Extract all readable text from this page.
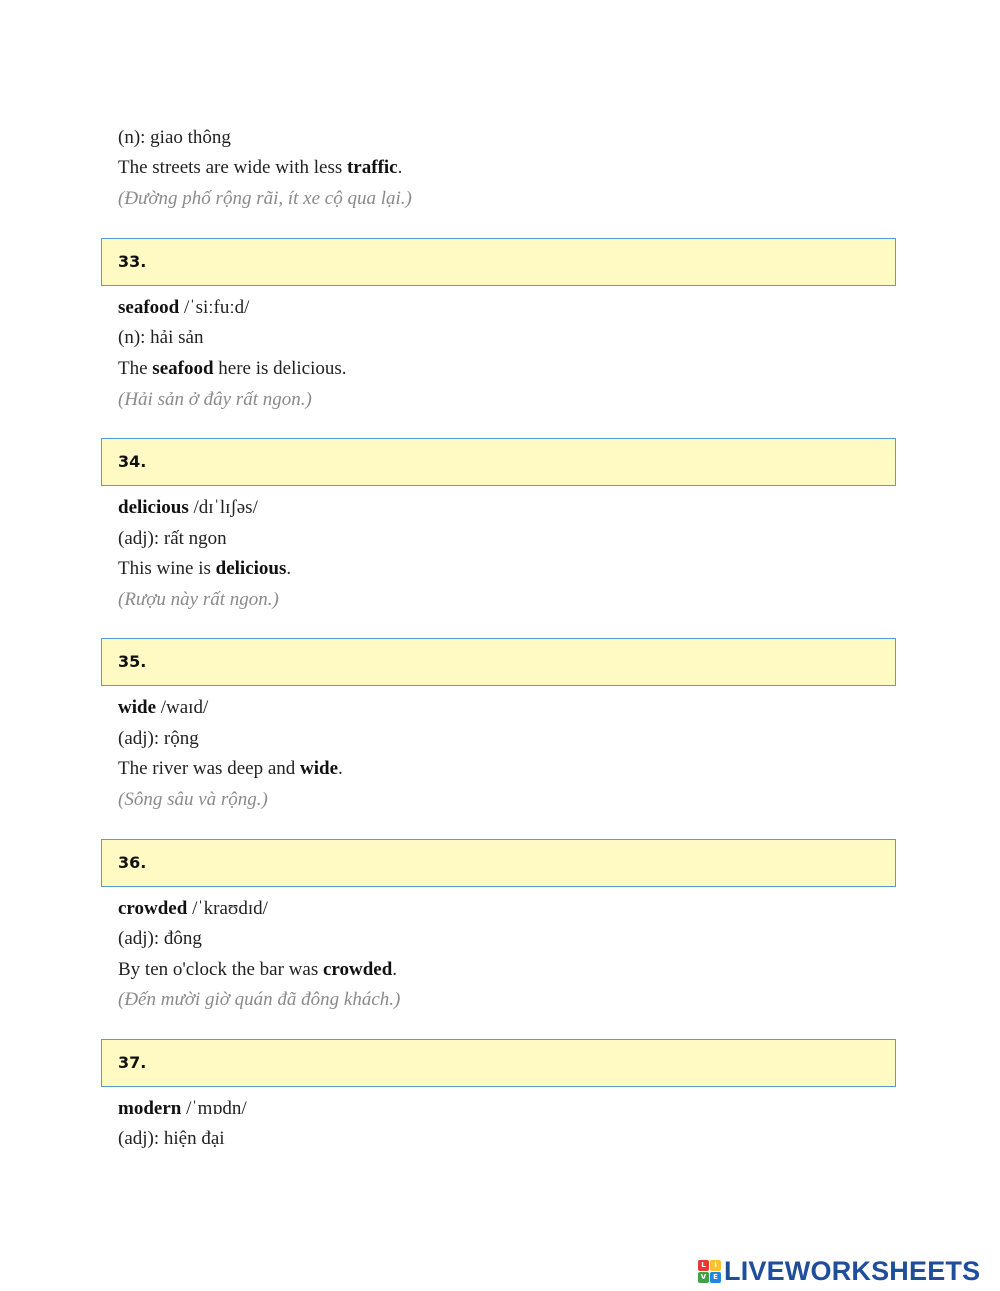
(n): giao thông
The streets are wide with less traffic.
(Đường phố rộng rãi, ít xe cộ qua lại.)
33.
seafood /ˈsiːfuːd/
(n): hải sản
The seafood here is delicious.
(Hải sản ở đây rất ngon.)
34.
delicious /dɪˈlɪʃəs/
(adj): rất ngon
This wine is delicious.
(Rượu này rất ngon.)
35.
wide /waɪd/
(adj): rộng
The river was deep and wide.
(Sông sâu và rộng.)
36.
crowded /ˈkraʊdɪd/
(adj): đông
By ten o'clock the bar was crowded.
(Đến mười giờ quán đã đông khách.)
37.
modern /ˈmɒdn/
(adj): hiện đại
L	I
V E LIVEWORKSHEETS
